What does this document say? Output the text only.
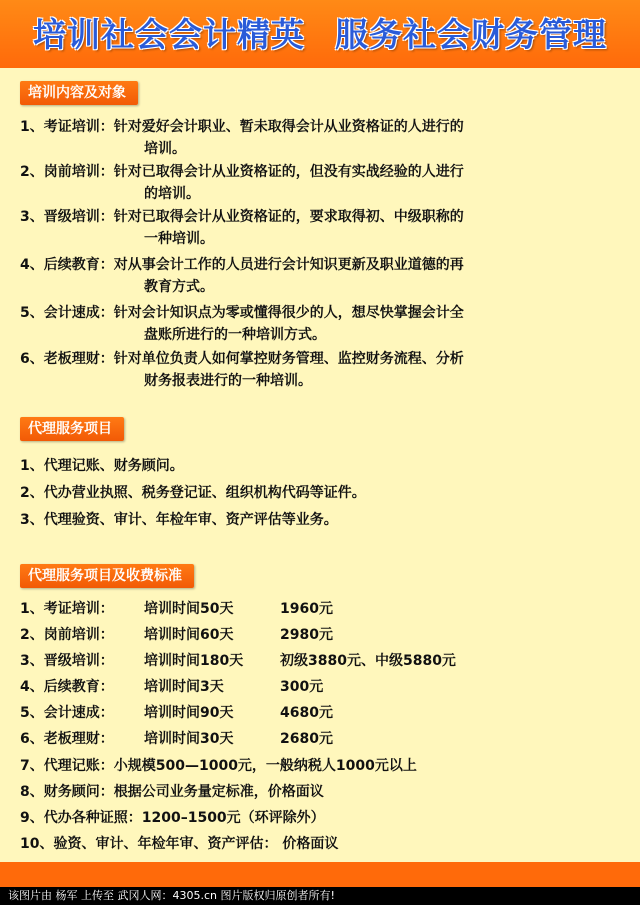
培训社会会计精英 服务社会财务管理
培训内容及对象
1、考证培训：针对爱好会计职业、暂未取得会计从业资格证的人进行的
培训。
2、岗前培训：针对已取得会计从业资格证的，但没有实战经验的人进行
的培训。
3、晋级培训：针对已取得会计从业资格证的，要求取得初、中级职称的
一种培训。
4、后续教育：对从事会计工作的人员进行会计知识更新及职业道德的再
教育方式。
5、会计速成：针对会计知识点为零或懂得很少的人，想尽快掌握会计全
盘账所进行的一种培训方式。
6、老板理财：针对单位负责人如何掌控财务管理、监控财务流程、分析
财务报表进行的一种培训。
代理服务项目
1、代理记账、财务顾问。
2、代办营业执照、税务登记证、组织机构代码等证件。
3、代理验资、审计、年检年审、资产评估等业务。
代理服务项目及收费标准
1、考证培训： 培训时间50天	1960元
2、岗前培训： 培训时间60天	2980元
3、晋级培训： 培训时间180天	初级3880元、中级5880元
4、后续教育： 培训时间3天	300元
5、会计速成： 培训时间90天	4680元
6、老板理财： 培训时间30天	2680元
7、代理记账：小规模500—1000元，一般纳税人1000元以上
8、财务顾问：根据公司业务量定标准，价格面议
9、代办各种证照：1200–1500元（环评除外）
10、验资、审计、年检年审、资产评估： 价格面议
该图片由 杨军 上传至 武冈人网：4305.cn 图片版权归原创者所有!
